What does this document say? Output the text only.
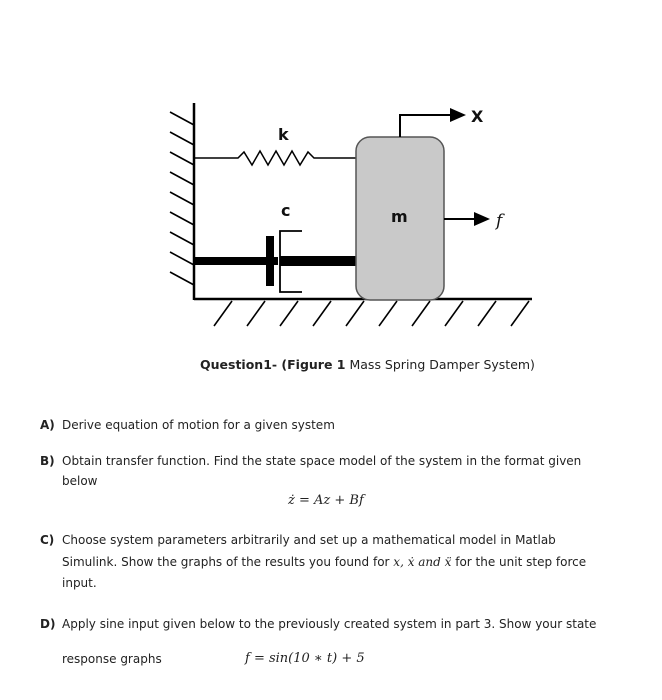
X
k
c	m	f
Question1- (Figure 1 Mass Spring Damper System)
A) Derive equation of motion for a given system
B) Obtain transfer function. Find the state space model of the system in the format given
below
ż = Az + Bf
C) Choose system parameters arbitrarily and set up a mathematical model in Matlab
Simulink. Show the graphs of the results you found for x, ẋ and ẍ for the unit step force
input.
D) Apply sine input given below to the previously created system in part 3. Show your state
response graphs	f = sin(10 ∗ t) + 5
